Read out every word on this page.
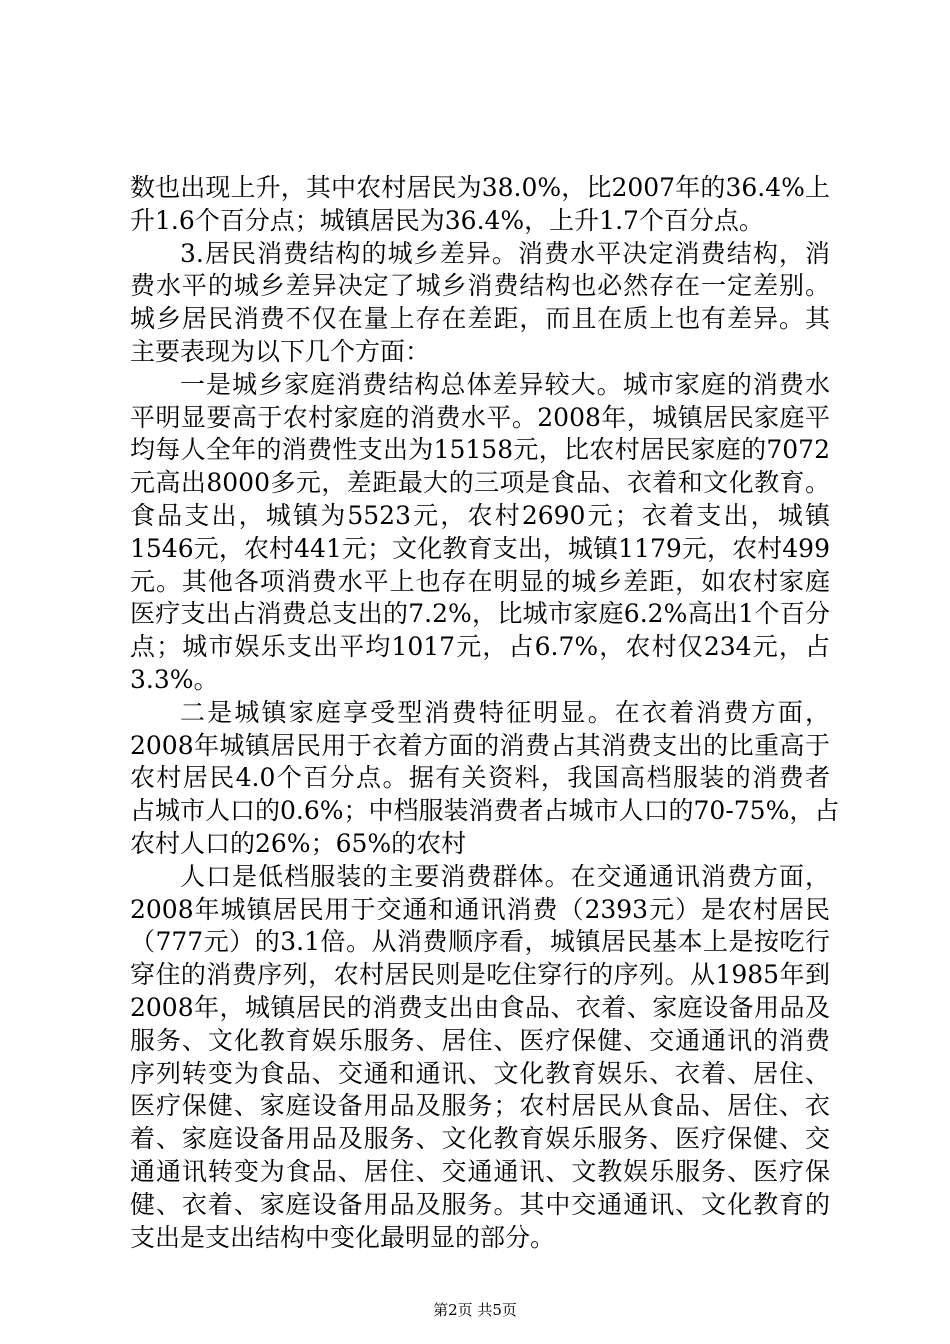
数也出现上升，其中农村居民为38.0%，比2007年的36.4%上
升1.6个百分点；城镇居民为36.4%，上升1.7个百分点。
3.居民消费结构的城乡差异。消费水平决定消费结构，消
费水平的城乡差异决定了城乡消费结构也必然存在一定差别。
城乡居民消费不仅在量上存在差距，而且在质上也有差异。其
主要表现为以下几个方面：
一是城乡家庭消费结构总体差异较大。城市家庭的消费水
平明显要高于农村家庭的消费水平。2008年，城镇居民家庭平
均每人全年的消费性支出为15158元，比农村居民家庭的7072
元高出8000多元，差距最大的三项是食品、衣着和文化教育。
食品支出，城镇为5523元，农村2690元；衣着支出，城镇
1546元，农村441元；文化教育支出，城镇1179元，农村499
元。其他各项消费水平上也存在明显的城乡差距，如农村家庭
医疗支出占消费总支出的7.2%，比城市家庭6.2%高出1个百分
点；城市娱乐支出平均1017元，占6.7%，农村仅234元，占
3.3%。
二是城镇家庭享受型消费特征明显。在衣着消费方面，
2008年城镇居民用于衣着方面的消费占其消费支出的比重高于
农村居民4.0个百分点。据有关资料，我国高档服装的消费者
占城市人口的0.6%；中档服装消费者占城市人口的70-75%，占
农村人口的26%；65%的农村
人口是低档服装的主要消费群体。在交通通讯消费方面，
2008年城镇居民用于交通和通讯消费（2393元）是农村居民
（777元）的3.1倍。从消费顺序看，城镇居民基本上是按吃行
穿住的消费序列，农村居民则是吃住穿行的序列。从1985年到
2008年，城镇居民的消费支出由食品、衣着、家庭设备用品及
服务、文化教育娱乐服务、居住、医疗保健、交通通讯的消费
序列转变为食品、交通和通讯、文化教育娱乐、衣着、居住、
医疗保健、家庭设备用品及服务；农村居民从食品、居住、衣
着、家庭设备用品及服务、文化教育娱乐服务、医疗保健、交
通通讯转变为食品、居住、交通通讯、文教娱乐服务、医疗保
健、衣着、家庭设备用品及服务。其中交通通讯、文化教育的
支出是支出结构中变化最明显的部分。
第2页 共5页
